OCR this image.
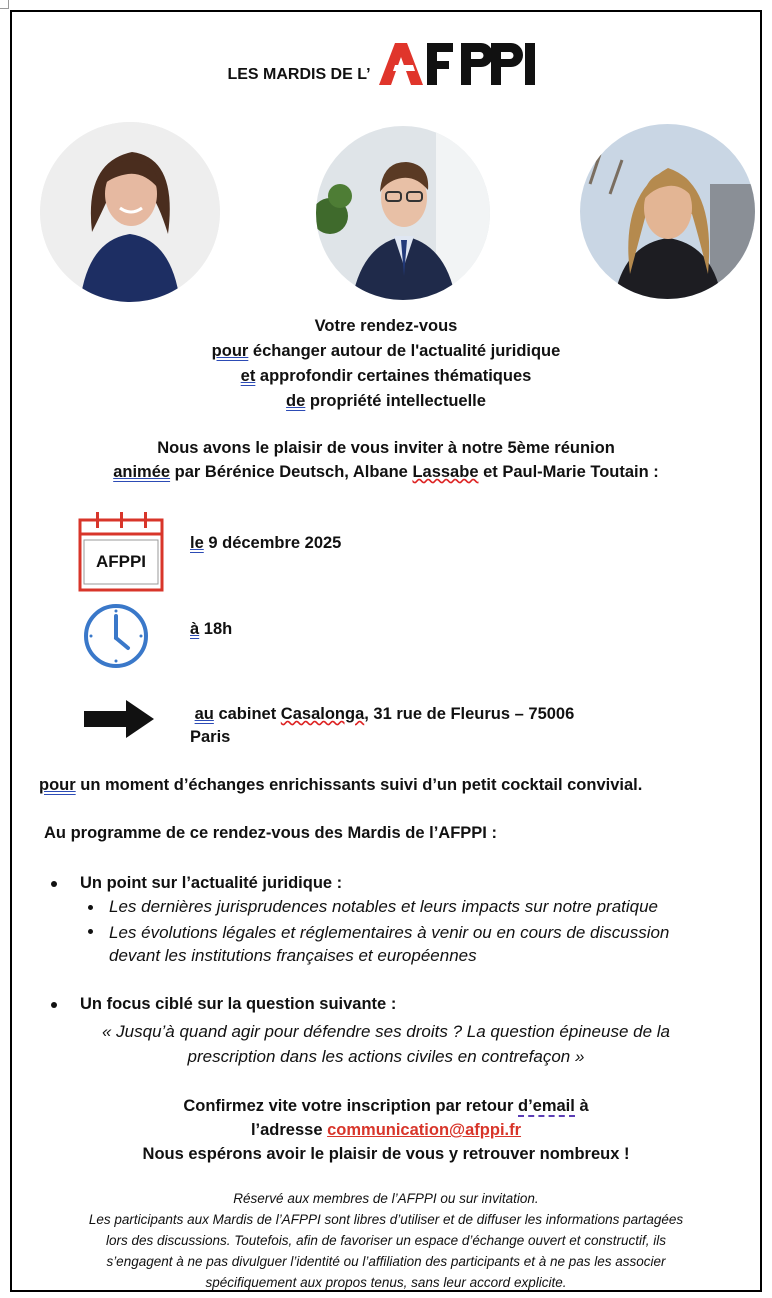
LES MARDIS DE L’
Votre rendez-vous
pour échanger autour de l'actualité juridique
et approfondir certaines thématiques
de propriété intellectuelle
Nous avons le plaisir de vous inviter à notre 5ème réunion
animée par Bérénice Deutsch, Albane Lassabe et Paul-Marie Toutain :
AFPPI
le 9 décembre 2025
à 18h
au cabinet Casalonga, 31 rue de Fleurus – 75006
Paris
pour un moment d’échanges enrichissants suivi d’un petit cocktail convivial.
Au programme de ce rendez-vous des Mardis de l’AFPPI :
Un point sur l’actualité juridique :
Les dernières jurisprudences notables et leurs impacts sur notre pratique
Les évolutions légales et réglementaires à venir ou en cours de discussion
devant les institutions françaises et européennes
Un focus ciblé sur la question suivante :
« Jusqu’à quand agir pour défendre ses droits ? La question épineuse de la
prescription dans les actions civiles en contrefaçon »
Confirmez vite votre inscription par retour d’email à
l’adresse communication@afppi.fr
Nous espérons avoir le plaisir de vous y retrouver nombreux !
Réservé aux membres de l’AFPPI ou sur invitation.
Les participants aux Mardis de l’AFPPI sont libres d’utiliser et de diffuser les informations partagées
lors des discussions. Toutefois, afin de favoriser un espace d’échange ouvert et constructif, ils
s’engagent à ne pas divulguer l’identité ou l’affiliation des participants et à ne pas les associer
spécifiquement aux propos tenus, sans leur accord explicite.
